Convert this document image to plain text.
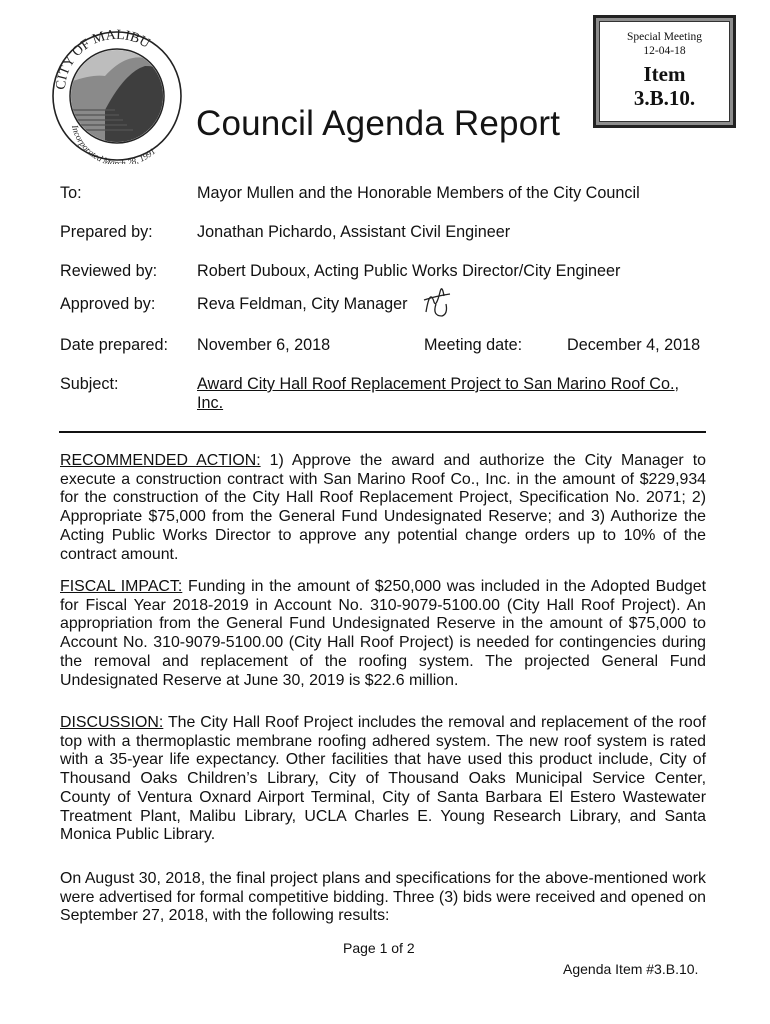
CITY OF MALIBU
Incorporated March 28, 1991
Council Agenda Report
Special Meeting
12-04-18
Item
3.B.10.
To:	Mayor Mullen and the Honorable Members of the City Council
Prepared by:	Jonathan Pichardo, Assistant Civil Engineer
Reviewed by: Robert Duboux, Acting Public Works Director/City Engineer
Approved by:	Reva Feldman, City Manager
Date prepared: November 6, 2018	Meeting date:	December 4, 2018
Subject:	Award City Hall Roof Replacement Project to San Marino Roof Co., Inc.
RECOMMENDED ACTION: 1) Approve the award and authorize the City Manager to execute a construction contract with San Marino Roof Co., Inc. in the amount of $229,934 for the construction of the City Hall Roof Replacement Project, Specification No. 2071; 2) Appropriate $75,000 from the General Fund Undesignated Reserve; and 3) Authorize the Acting Public Works Director to approve any potential change orders up to 10% of the contract amount.
FISCAL IMPACT: Funding in the amount of $250,000 was included in the Adopted Budget for Fiscal Year 2018-2019 in Account No. 310-9079-5100.00 (City Hall Roof Project). An appropriation from the General Fund Undesignated Reserve in the amount of $75,000 to Account No. 310-9079-5100.00 (City Hall Roof Project) is needed for contingencies during the removal and replacement of the roofing system. The projected General Fund Undesignated Reserve at June 30, 2019 is $22.6 million.
DISCUSSION: The City Hall Roof Project includes the removal and replacement of the roof top with a thermoplastic membrane roofing adhered system. The new roof system is rated with a 35-year life expectancy. Other facilities that have used this product include, City of Thousand Oaks Children’s Library, City of Thousand Oaks Municipal Service Center, County of Ventura Oxnard Airport Terminal, City of Santa Barbara El Estero Wastewater Treatment Plant, Malibu Library, UCLA Charles E. Young Research Library, and Santa Monica Public Library.
On August 30, 2018, the final project plans and specifications for the above-mentioned work were advertised for formal competitive bidding. Three (3) bids were received and opened on September 27, 2018, with the following results:
Page 1 of 2
Agenda Item #3.B.10.
